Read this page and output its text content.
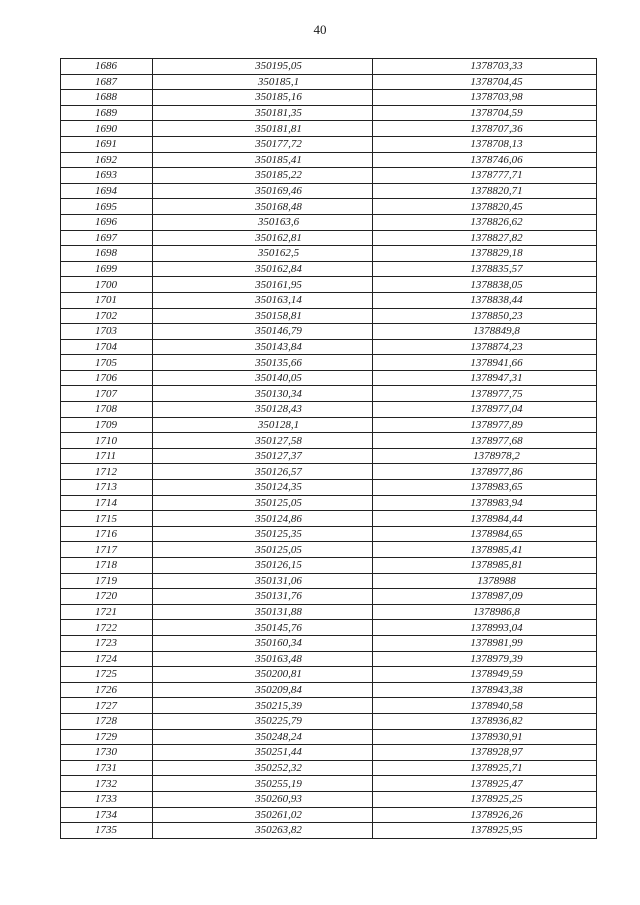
40
1686	350195,05	1378703,33
1687	350185,1	1378704,45
1688	350185,16	1378703,98
1689	350181,35	1378704,59
1690	350181,81	1378707,36
1691	350177,72	1378708,13
1692	350185,41	1378746,06
1693	350185,22	1378777,71
1694	350169,46	1378820,71
1695	350168,48	1378820,45
1696	350163,6	1378826,62
1697	350162,81	1378827,82
1698	350162,5	1378829,18
1699	350162,84	1378835,57
1700	350161,95	1378838,05
1701	350163,14	1378838,44
1702	350158,81	1378850,23
1703	350146,79	1378849,8
1704	350143,84	1378874,23
1705	350135,66	1378941,66
1706	350140,05	1378947,31
1707	350130,34	1378977,75
1708	350128,43	1378977,04
1709	350128,1	1378977,89
1710	350127,58	1378977,68
1711	350127,37	1378978,2
1712	350126,57	1378977,86
1713	350124,35	1378983,65
1714	350125,05	1378983,94
1715	350124,86	1378984,44
1716	350125,35	1378984,65
1717	350125,05	1378985,41
1718	350126,15	1378985,81
1719	350131,06	1378988
1720	350131,76	1378987,09
1721	350131,88	1378986,8
1722	350145,76	1378993,04
1723	350160,34	1378981,99
1724	350163,48	1378979,39
1725	350200,81	1378949,59
1726	350209,84	1378943,38
1727	350215,39	1378940,58
1728	350225,79	1378936,82
1729	350248,24	1378930,91
1730	350251,44	1378928,97
1731	350252,32	1378925,71
1732	350255,19	1378925,47
1733	350260,93	1378925,25
1734	350261,02	1378926,26
1735	350263,82	1378925,95
